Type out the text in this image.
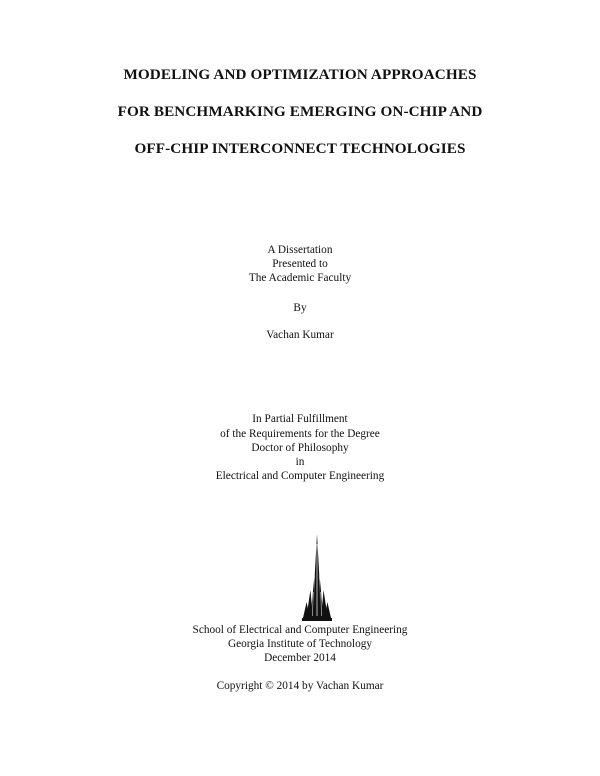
MODELING AND OPTIMIZATION APPROACHES
FOR BENCHMARKING EMERGING ON-CHIP AND
OFF-CHIP INTERCONNECT TECHNOLOGIES
A Dissertation
Presented to
The Academic Faculty
By
Vachan Kumar
In Partial Fulfillment
of the Requirements for the Degree
Doctor of Philosophy
in
Electrical and Computer Engineering
School of Electrical and Computer Engineering
Georgia Institute of Technology
December 2014
Copyright © 2014 by Vachan Kumar
